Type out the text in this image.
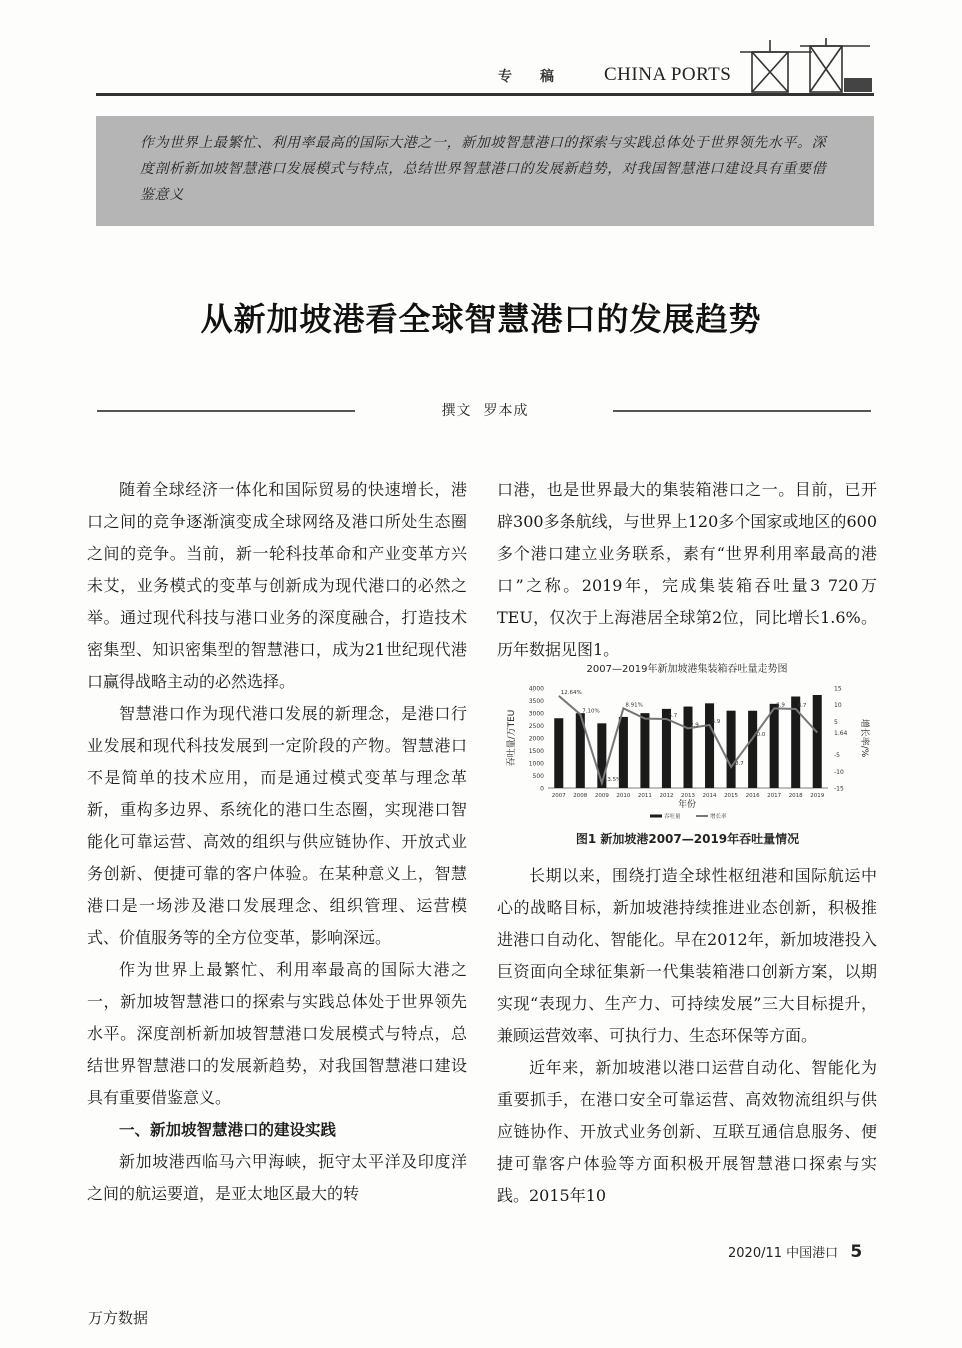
专稿 CHINA PORTS

作为世界上最繁忙、利用率最高的国际大港之一，新加坡智慧港口的探索与实践总体处于世界领先水平。深度剖析新加坡智慧港口发展模式与特点，总结世界智慧港口的发展新趋势，对我国智慧港口建设具有重要借鉴意义

从新加坡港看全球智慧港口的发展趋势
撰文 罗本成

随着全球经济一体化和国际贸易的快速增长，港口之间的竞争逐渐演变成全球网络及港口所处生态圈之间的竞争。当前，新一轮科技革命和产业变革方兴未艾，业务模式的变革与创新成为现代港口的必然之举。通过现代科技与港口业务的深度融合，打造技术密集型、知识密集型的智慧港口，成为21世纪现代港口赢得战略主动的必然选择。

智慧港口作为现代港口发展的新理念，是港口行业发展和现代科技发展到一定阶段的产物。智慧港口不是简单的技术应用，而是通过模式变革与理念革新，重构多边界、系统化的港口生态圈，实现港口智能化可靠运营、高效的组织与供应链协作、开放式业务创新、便捷可靠的客户体验。在某种意义上，智慧港口是一场涉及港口发展理念、组织管理、运营模式、价值服务等的全方位变革，影响深远。

作为世界上最繁忙、利用率最高的国际大港之一，新加坡智慧港口的探索与实践总体处于世界领先水平。深度剖析新加坡智慧港口发展模式与特点，总结世界智慧港口的发展新趋势，对我国智慧港口建设具有重要借鉴意义。

一、新加坡智慧港口的建设实践

新加坡港西临马六甲海峡，扼守太平洋及印度洋之间的航运要道，是亚太地区最大的转

口港，也是世界最大的集装箱港口之一。目前，已开辟300多条航线，与世界上120多个国家或地区的600多个港口建立业务联系，素有“世界利用率最高的港口”之称。2019年，完成集装箱吞吐量3 720万TEU，仅次于上海港居全球第2位，同比增长1.6%。历年数据见图1。

2007—2019年新加坡港集装箱吞吐量走势图
0
500
1000
1500
2000
2500
3000
3500
4000	15
10
5
1.64
-5
-10
-15
吞吐量/万TEU	增长率/%
2007 2008 2009 2010 2011 2012 2013 2014 2015 2016 2017 2018 2019
12.64%
7.10%
13.5%
8.91%
5.7
2.9
3.9
-8.7
-0.0
8.9 8.7
年份
吞吐量	增长率
图1 新加坡港2007—2019年吞吐量情况

长期以来，围绕打造全球性枢纽港和国际航运中心的战略目标，新加坡港持续推进业态创新，积极推进港口自动化、智能化。早在2012年，新加坡港投入巨资面向全球征集新一代集装箱港口创新方案，以期实现“表现力、生产力、可持续发展”三大目标提升，兼顾运营效率、可执行力、生态环保等方面。

近年来，新加坡港以港口运营自动化、智能化为重要抓手，在港口安全可靠运营、高效物流组织与供应链协作、开放式业务创新、互联互通信息服务、便捷可靠客户体验等方面积极开展智慧港口探索与实践。2015年10

2020/11 中国港口 5
万方数据
